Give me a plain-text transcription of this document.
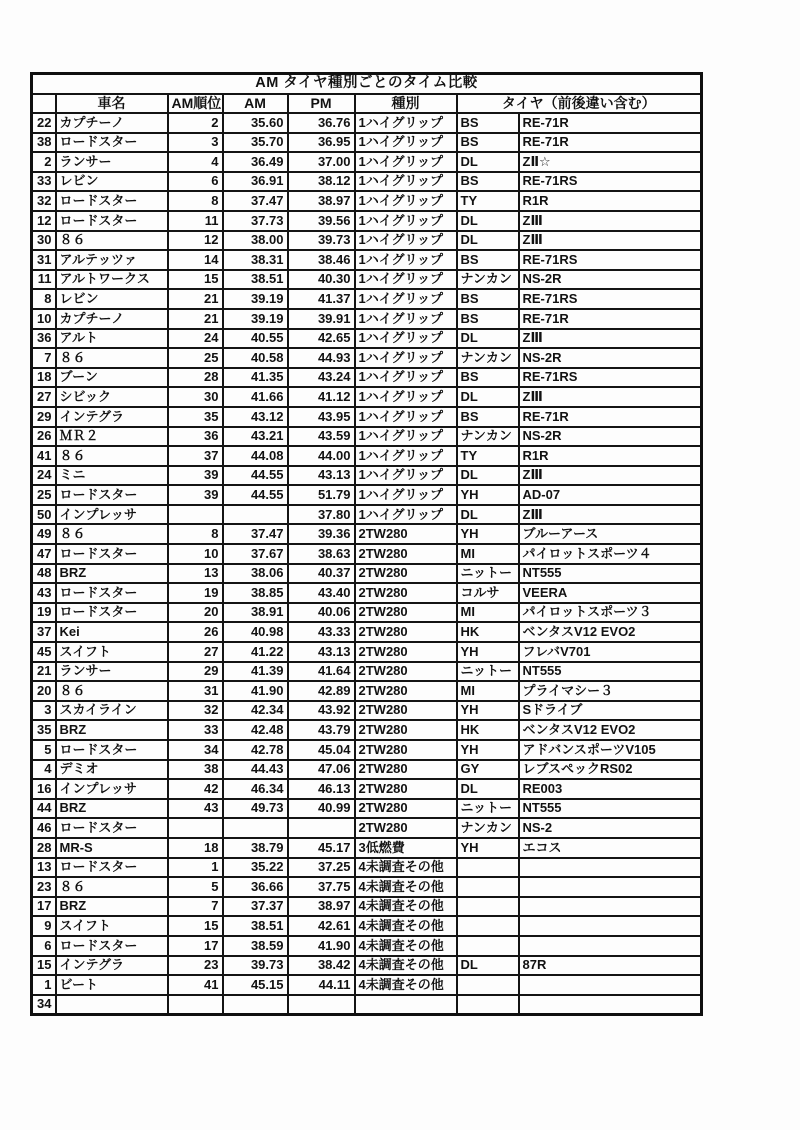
AM タイヤ種別ごとのタイム比較							
	車名	AM順位	AM	PM	種別	タイヤ（前後違い含む）	
22	カプチーノ	2	35.60	36.76	1ハイグリップ	BS	RE-71R
38	ロードスター	3	35.70	36.95	1ハイグリップ	BS	RE-71R
2	ランサー	4	36.49	37.00	1ハイグリップ	DL	ZⅡ☆
33	レビン	6	36.91	38.12	1ハイグリップ	BS	RE-71RS
32	ロードスター	8	37.47	38.97	1ハイグリップ	TY	R1R
12	ロードスター	11	37.73	39.56	1ハイグリップ	DL	ZⅢ
30	８６	12	38.00	39.73	1ハイグリップ	DL	ZⅢ
31	アルテッツァ	14	38.31	38.46	1ハイグリップ	BS	RE-71RS
11	アルトワークス	15	38.51	40.30	1ハイグリップ	ナンカン	NS-2R
8	レビン	21	39.19	41.37	1ハイグリップ	BS	RE-71RS
10	カプチーノ	21	39.19	39.91	1ハイグリップ	BS	RE-71R
36	アルト	24	40.55	42.65	1ハイグリップ	DL	ZⅢ
7	８６	25	40.58	44.93	1ハイグリップ	ナンカン	NS-2R
18	ブーン	28	41.35	43.24	1ハイグリップ	BS	RE-71RS
27	シビック	30	41.66	41.12	1ハイグリップ	DL	ZⅢ
29	インテグラ	35	43.12	43.95	1ハイグリップ	BS	RE-71R
26	ＭＲ２	36	43.21	43.59	1ハイグリップ	ナンカン	NS-2R
41	８６	37	44.08	44.00	1ハイグリップ	TY	R1R
24	ミニ	39	44.55	43.13	1ハイグリップ	DL	ZⅢ
25	ロードスター	39	44.55	51.79	1ハイグリップ	YH	AD-07
50	インプレッサ			37.80	1ハイグリップ	DL	ZⅢ
49	８６	8	37.47	39.36	2TW280	YH	ブルーアース
47	ロードスター	10	37.67	38.63	2TW280	MI	パイロットスポーツ４
48	BRZ	13	38.06	40.37	2TW280	ニットー	NT555
43	ロードスター	19	38.85	43.40	2TW280	コルサ	VEERA
19	ロードスター	20	38.91	40.06	2TW280	MI	パイロットスポーツ３
37	Kei	26	40.98	43.33	2TW280	HK	ベンタスV12 EVO2
45	スイフト	27	41.22	43.13	2TW280	YH	フレバV701
21	ランサー	29	41.39	41.64	2TW280	ニットー	NT555
20	８６	31	41.90	42.89	2TW280	MI	プライマシー３
3	スカイライン	32	42.34	43.92	2TW280	YH	Sドライブ
35	BRZ	33	42.48	43.79	2TW280	HK	ベンタスV12 EVO2
5	ロードスター	34	42.78	45.04	2TW280	YH	アドバンスポーツV105
4	デミオ	38	44.43	47.06	2TW280	GY	レブスペックRS02
16	インプレッサ	42	46.34	46.13	2TW280	DL	RE003
44	BRZ	43	49.73	40.99	2TW280	ニットー	NT555
46	ロードスター				2TW280	ナンカン	NS-2
28	MR-S	18	38.79	45.17	3低燃費	YH	エコス
13	ロードスター	1	35.22	37.25	4未調査その他		
23	８６	5	36.66	37.75	4未調査その他		
17	BRZ	7	37.37	38.97	4未調査その他		
9	スイフト	15	38.51	42.61	4未調査その他		
6	ロードスター	17	38.59	41.90	4未調査その他		
15	インテグラ	23	39.73	38.42	4未調査その他	DL	87R
1	ビート	41	45.15	44.11	4未調査その他		
34							
